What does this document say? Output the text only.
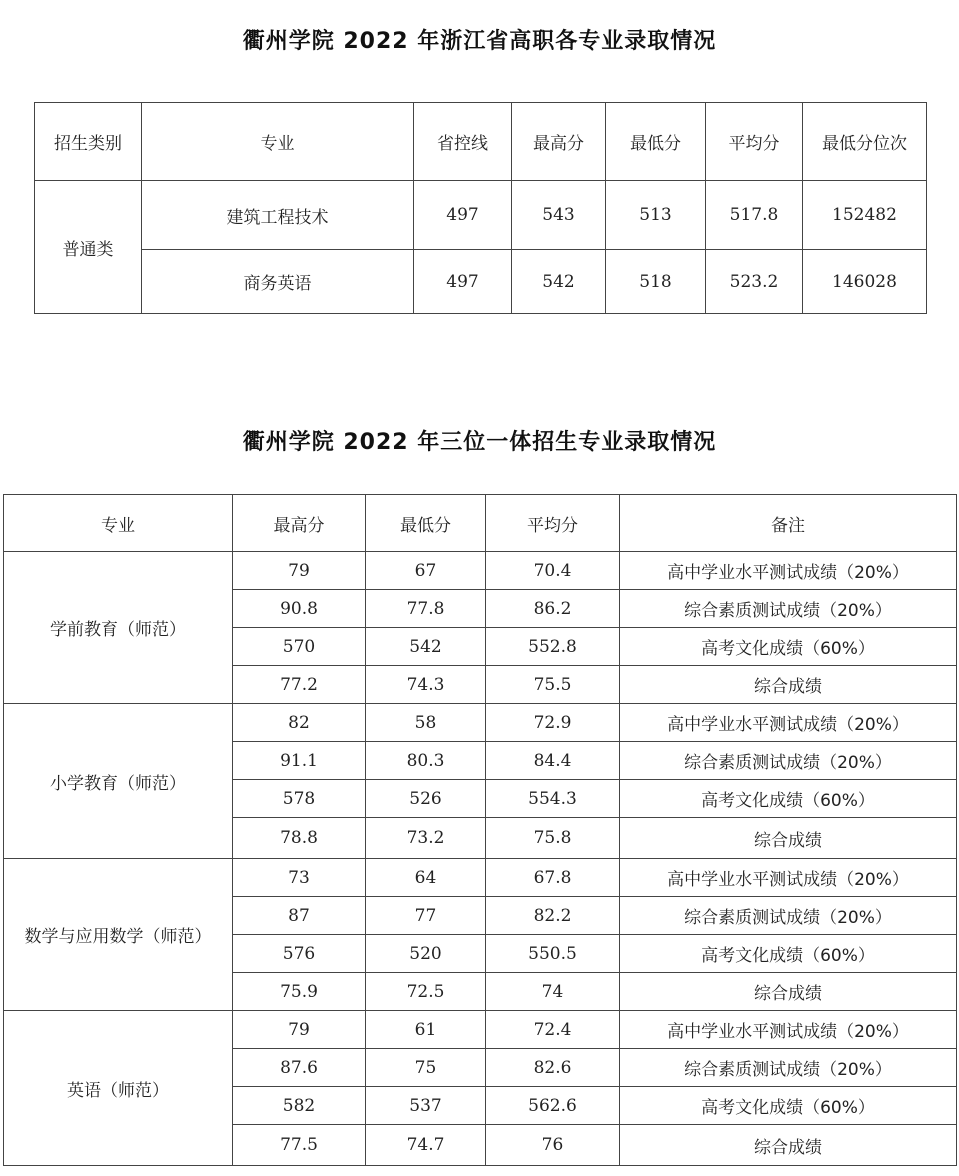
衢州学院 2022 年浙江省高职各专业录取情况
招生类别	专业	省控线	最高分	最低分	平均分	最低分位次
普通类	建筑工程技术	497	543	513	517.8	152482
	商务英语	497	542	518	523.2	146028
衢州学院 2022 年三位一体招生专业录取情况
专业	最高分	最低分	平均分	备注
学前教育（师范）	79	67	70.4	高中学业水平测试成绩（20%）
	90.8	77.8	86.2	综合素质测试成绩（20%）
	570	542	552.8	高考文化成绩（60%）
	77.2	74.3	75.5	综合成绩
小学教育（师范）	82	58	72.9	高中学业水平测试成绩（20%）
	91.1	80.3	84.4	综合素质测试成绩（20%）
	578	526	554.3	高考文化成绩（60%）
	78.8	73.2	75.8	综合成绩
数学与应用数学（师范）	73	64	67.8	高中学业水平测试成绩（20%）
	87	77	82.2	综合素质测试成绩（20%）
	576	520	550.5	高考文化成绩（60%）
	75.9	72.5	74	综合成绩
英语（师范）	79	61	72.4	高中学业水平测试成绩（20%）
	87.6	75	82.6	综合素质测试成绩（20%）
	582	537	562.6	高考文化成绩（60%）
	77.5	74.7	76	综合成绩
